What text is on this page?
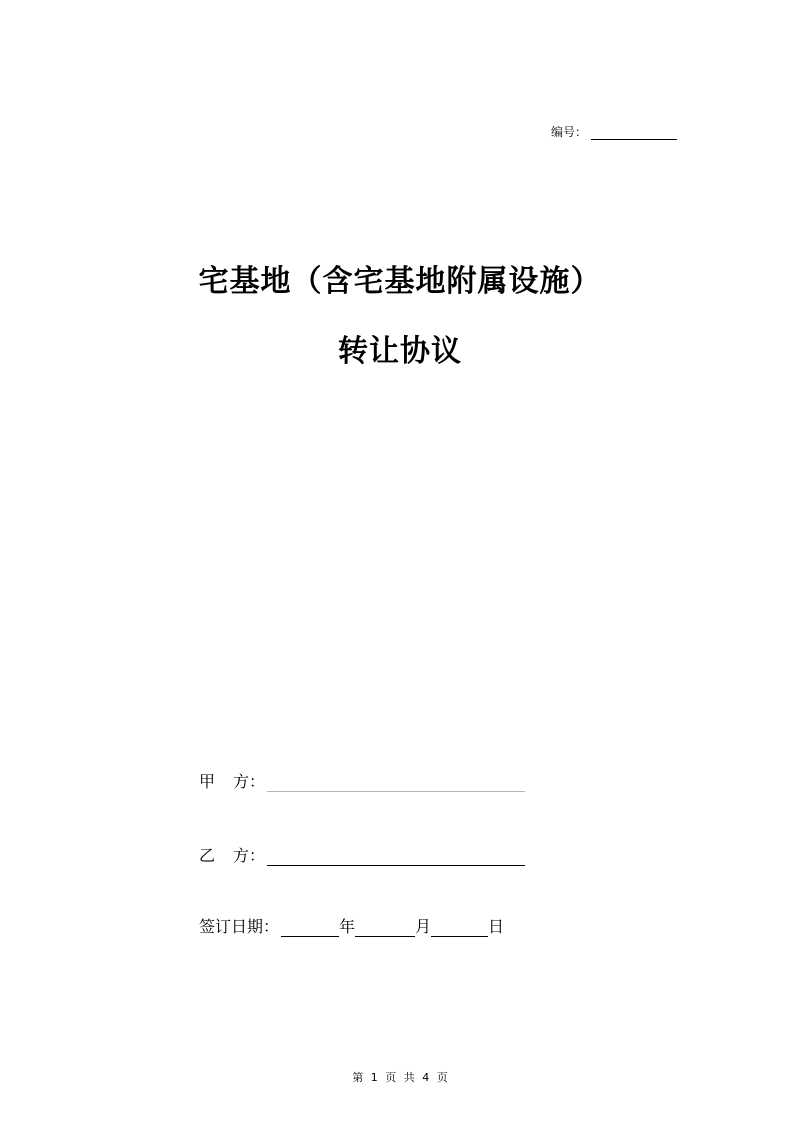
编号：
宅基地（含宅基地附属设施）
转让协议
甲 方：
乙 方：
签订日期：	年	月	日
第 1 页 共 4 页
